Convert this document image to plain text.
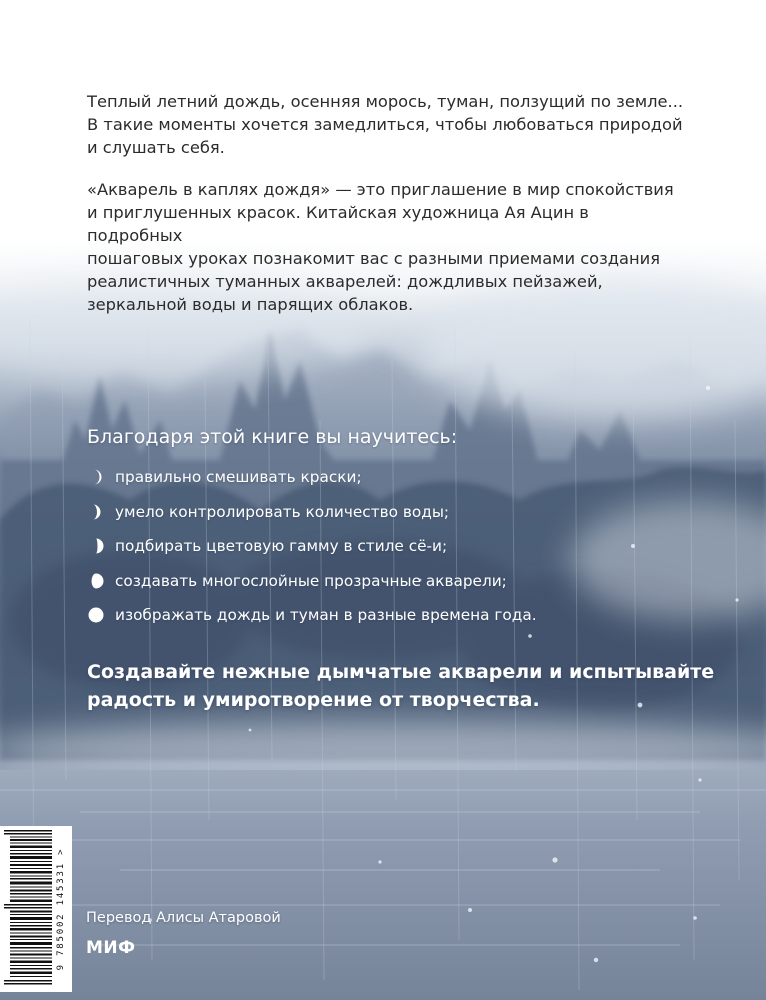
Теплый летний дождь, осенняя морось, туман, ползущий по земле...
В такие моменты хочется замедлиться, чтобы любоваться природой
и слушать себя.
«Акварель в каплях дождя» — это приглашение в мир спокойствия
и приглушенных красок. Китайская художница Ая Ацин в подробных
пошаговых уроках познакомит вас с разными приемами создания
реалистичных туманных акварелей: дождливых пейзажей,
зеркальной воды и парящих облаков.
Благодаря этой книге вы научитесь:
правильно смешивать краски;
умело контролировать количество воды;
подбирать цветовую гамму в стиле сё-и;
создавать многослойные прозрачные акварели;
изображать дождь и туман в разные времена года.
Создавайте нежные дымчатые акварели и испытывайте
радость и умиротворение от творчества.
9 785002 145331 > Перевод Алисы Атаровой
МИФ
